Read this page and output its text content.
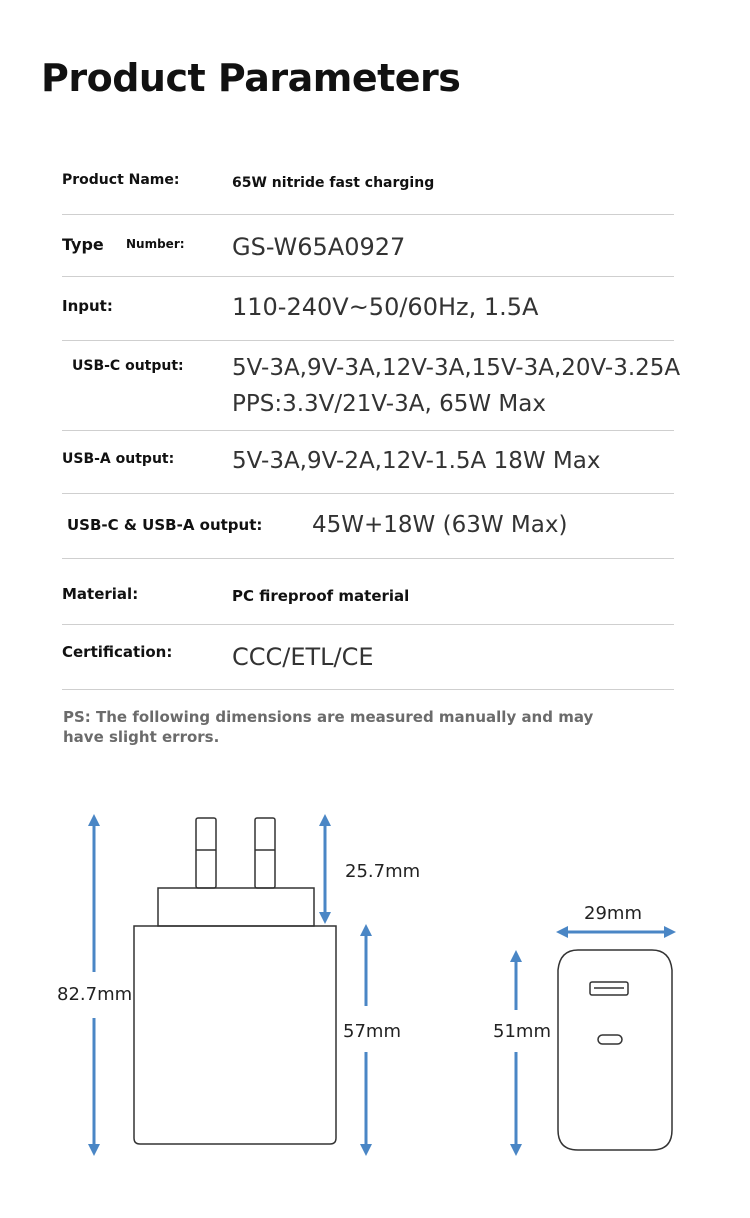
Product Parameters
Product Name:	65W nitride fast charging
Type Number: GS-W65A0927
Input:	110-240V~50/60Hz, 1.5A
USB-C output: 5V-3A,9V-3A,12V-3A,15V-3A,20V-3.25A
PPS:3.3V/21V-3A, 65W Max
USB-A output:	5V-3A,9V-2A,12V-1.5A 18W Max
USB-C & USB-A output: 45W+18W (63W Max)
Material:	PC fireproof material
Certification: CCC/ETL/CE
PS: The following dimensions are measured manually and may have slight errors.
82.7mm
25.7mm
57mm	51mm
29mm
